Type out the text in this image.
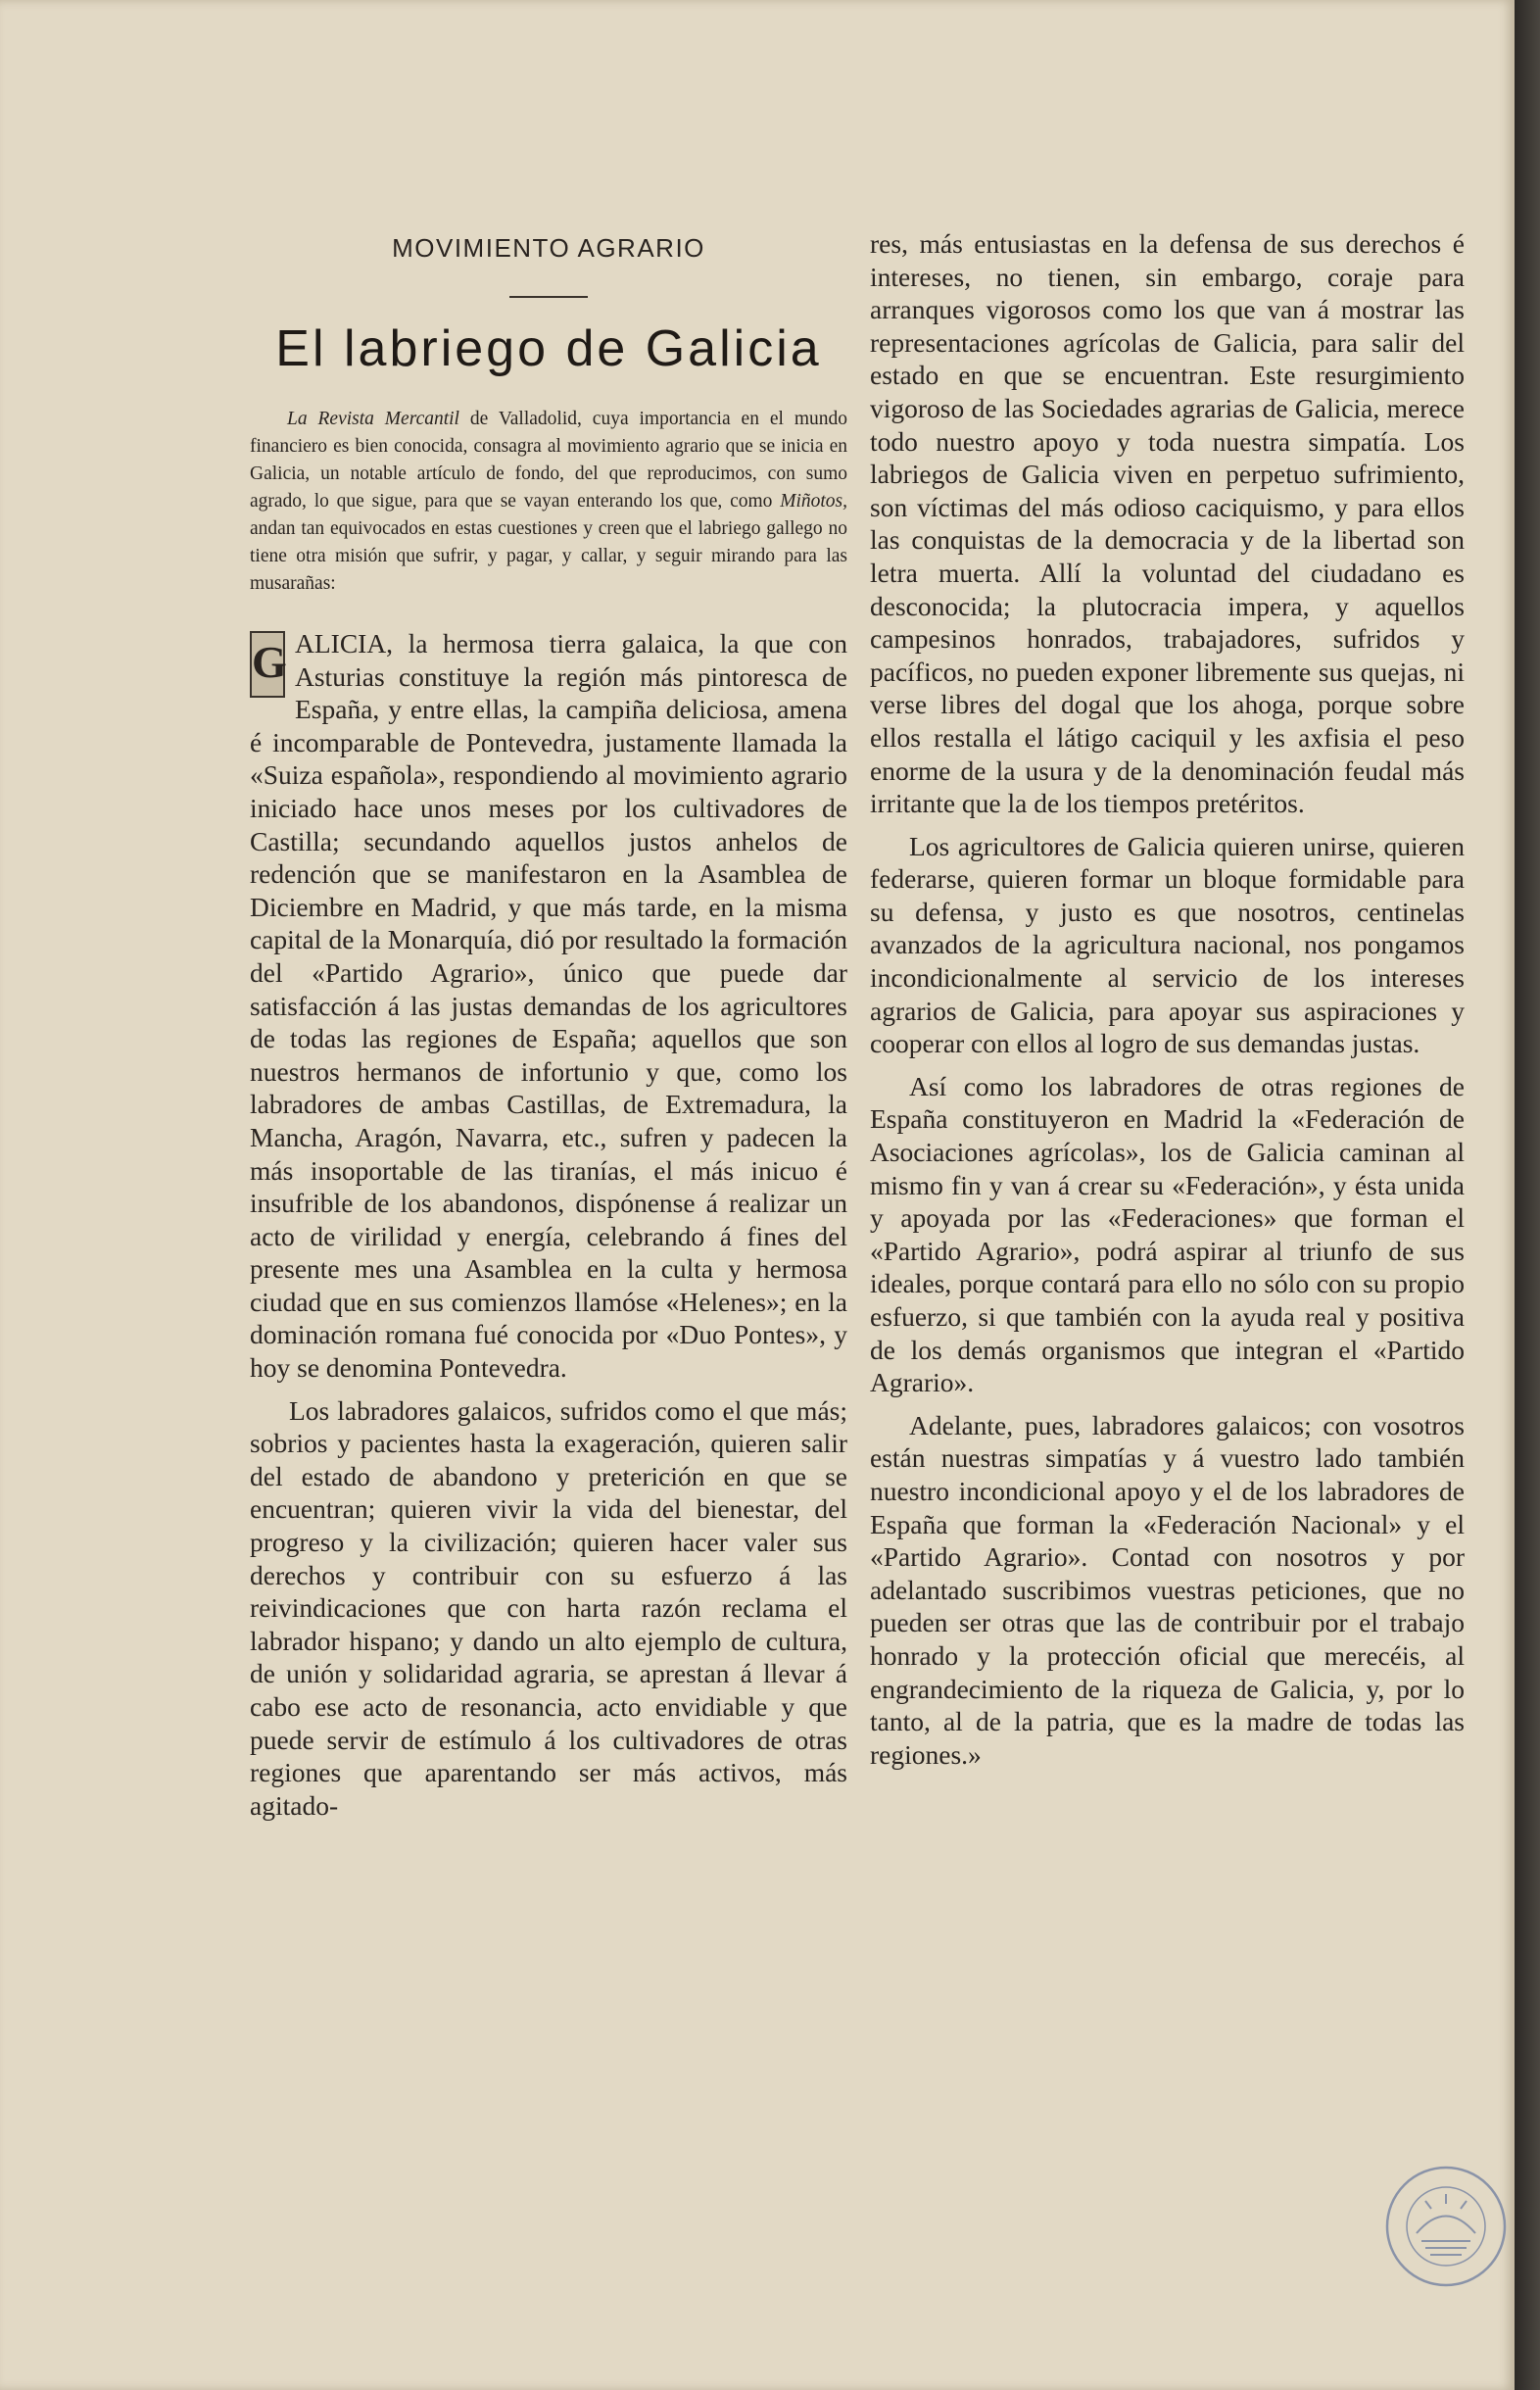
MOVIMIENTO AGRARIO

El labriego de Galicia

La Revista Mercantil de Valladolid, cuya importancia en el mundo financiero es bien conocida, consagra al movimiento agrario que se inicia en Galicia, un notable artículo de fondo, del que reproducimos, con sumo agrado, lo que sigue, para que se vayan enterando los que, como Miñotos, andan tan equivocados en estas cuestiones y creen que el labriego gallego no tiene otra misión que sufrir, y pagar, y callar, y seguir mirando para las musarañas:

G ALICIA, la hermosa tierra galaica, la que con Asturias constituye la región más pintoresca de España, y entre ellas, la campiña deliciosa, amena é incomparable de Pontevedra, justamente llamada la «Suiza española», respondiendo al movimiento agrario iniciado hace unos meses por los cultivadores de Castilla; secundando aquellos justos anhelos de redención que se manifestaron en la Asamblea de Diciembre en Madrid, y que más tarde, en la misma capital de la Monarquía, dió por resultado la formación del «Partido Agrario», único que puede dar satisfacción á las justas demandas de los agricultores de todas las regiones de España; aquellos que son nuestros hermanos de infortunio y que, como los labradores de ambas Castillas, de Extremadura, la Mancha, Aragón, Navarra, etc., sufren y padecen la más insoportable de las tiranías, el más inicuo é insufrible de los abandonos, dispónense á realizar un acto de virilidad y energía, celebrando á fines del presente mes una Asamblea en la culta y hermosa ciudad que en sus comienzos llamóse «Helenes»; en la dominación romana fué conocida por «Duo Pontes», y hoy se denomina Pontevedra.

Los labradores galaicos, sufridos como el que más; sobrios y pacientes hasta la exageración, quieren salir del estado de abandono y preterición en que se encuentran; quieren vivir la vida del bienestar, del progreso y la civilización; quieren hacer valer sus derechos y contribuir con su esfuerzo á las reivindicaciones que con harta razón reclama el labrador hispano; y dando un alto ejemplo de cultura, de unión y solidaridad agraria, se aprestan á llevar á cabo ese acto de resonancia, acto envidiable y que puede servir de estímulo á los cultivadores de otras regiones que aparentando ser más activos, más agitado-

res, más entusiastas en la defensa de sus derechos é intereses, no tienen, sin embargo, coraje para arranques vigorosos como los que van á mostrar las representaciones agrícolas de Galicia, para salir del estado en que se encuentran. Este resurgimiento vigoroso de las Sociedades agrarias de Galicia, merece todo nuestro apoyo y toda nuestra simpatía. Los labriegos de Galicia viven en perpetuo sufrimiento, son víctimas del más odioso caciquismo, y para ellos las conquistas de la democracia y de la libertad son letra muerta. Allí la voluntad del ciudadano es desconocida; la plutocracia impera, y aquellos campesinos honrados, trabajadores, sufridos y pacíficos, no pueden exponer libremente sus quejas, ni verse libres del dogal que los ahoga, porque sobre ellos restalla el látigo caciquil y les axfisia el peso enorme de la usura y de la denominación feudal más irritante que la de los tiempos pretéritos.

Los agricultores de Galicia quieren unirse, quieren federarse, quieren formar un bloque formidable para su defensa, y justo es que nosotros, centinelas avanzados de la agricultura nacional, nos pongamos incondicionalmente al servicio de los intereses agrarios de Galicia, para apoyar sus aspiraciones y cooperar con ellos al logro de sus demandas justas.

Así como los labradores de otras regiones de España constituyeron en Madrid la «Federación de Asociaciones agrícolas», los de Galicia caminan al mismo fin y van á crear su «Federación», y ésta unida y apoyada por las «Federaciones» que forman el «Partido Agrario», podrá aspirar al triunfo de sus ideales, porque contará para ello no sólo con su propio esfuerzo, si que también con la ayuda real y positiva de los demás organismos que integran el «Partido Agrario».

Adelante, pues, labradores galaicos; con vosotros están nuestras simpatías y á vuestro lado también nuestro incondicional apoyo y el de los labradores de España que forman la «Federación Nacional» y el «Partido Agrario». Contad con nosotros y por adelantado suscribimos vuestras peticiones, que no pueden ser otras que las de contribuir por el trabajo honrado y la protección oficial que merecéis, al engrandecimiento de la riqueza de Galicia, y, por lo tanto, al de la patria, que es la madre de todas las regiones.»
